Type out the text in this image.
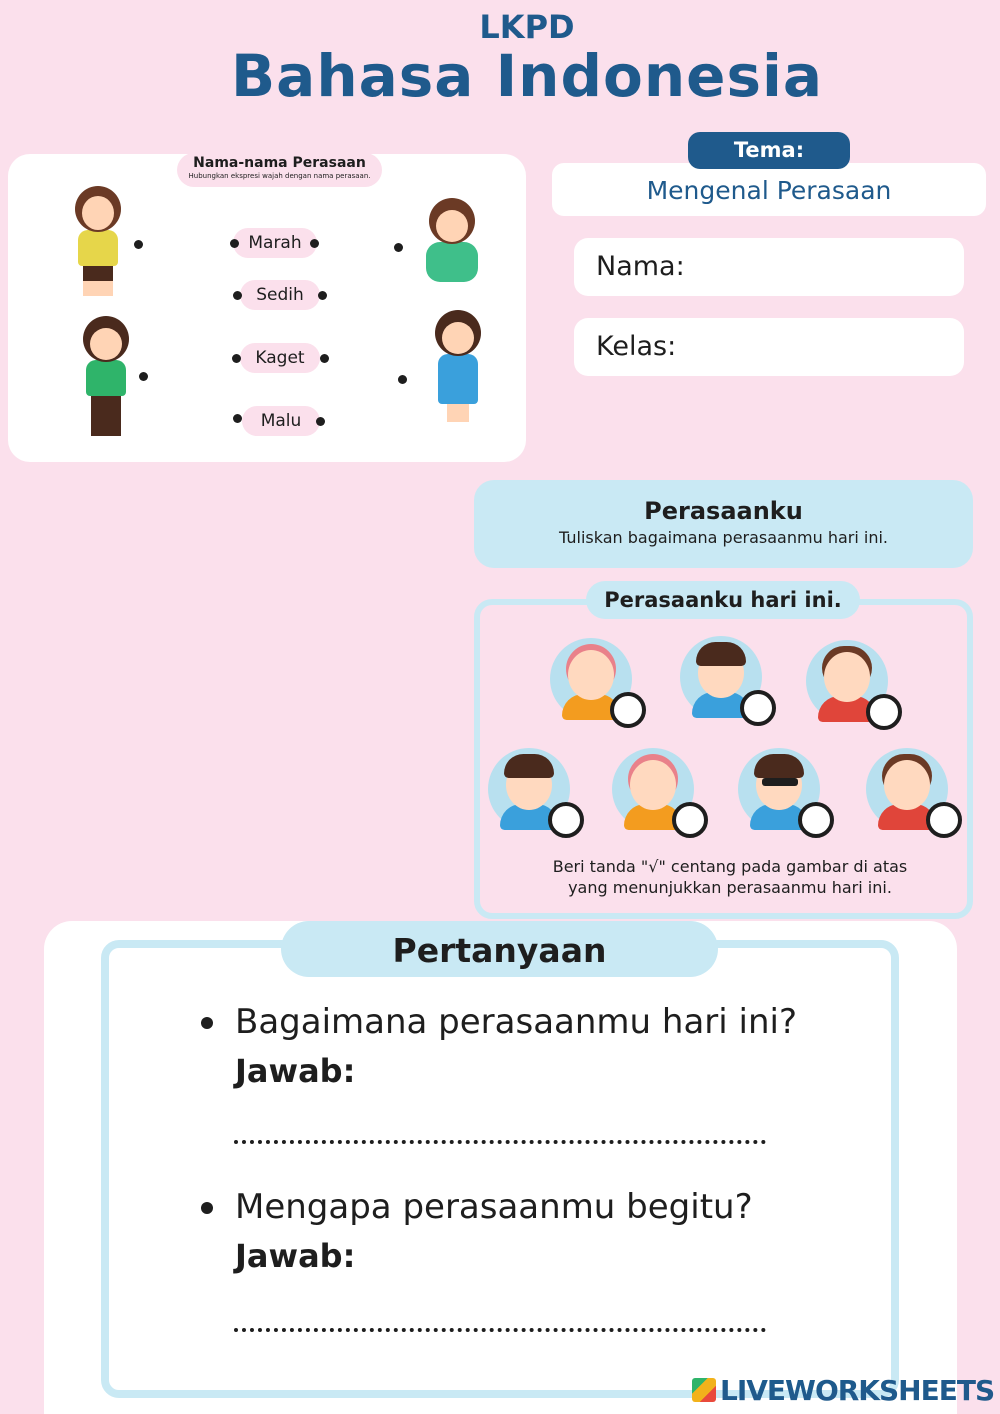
LKPD
Bahasa Indonesia
Nama-nama Perasaan
Hubungkan ekspresi wajah dengan nama perasaan.
Marah
Sedih
Kaget
Malu
Mengenal Perasaan
Tema:
Nama:
Kelas:
Perasaanku
Tuliskan bagaimana perasaanmu hari ini.
Perasaanku hari ini.
Beri tanda "√" centang pada gambar di atas
yang menunjukkan perasaanmu hari ini.
Pertanyaan
Bagaimana perasaanmu hari ini?
Jawab:
Mengapa perasaanmu begitu?
Jawab:
LIVEWORKSHEETS
